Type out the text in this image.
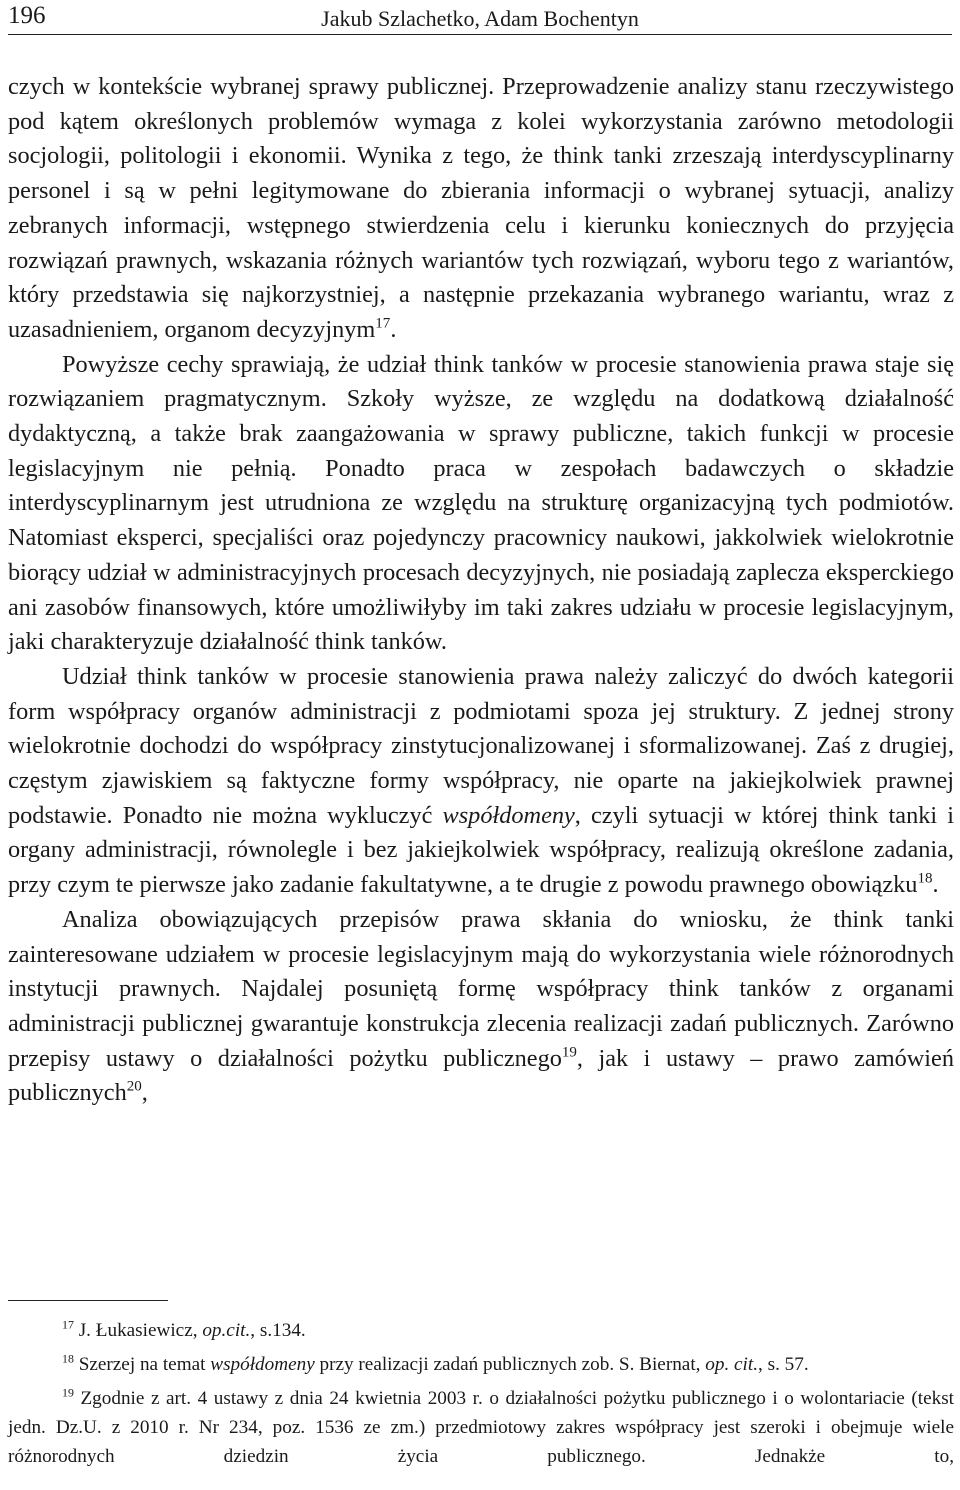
196	Jakub Szlachetko, Adam Bochentyn

czych w kontekście wybranej sprawy publicznej. Przeprowadzenie analizy stanu rzeczywistego pod kątem określonych problemów wymaga z kolei wykorzystania zarówno metodologii socjologii, politologii i ekonomii. Wynika z tego, że think tanki zrzeszają interdyscyplinarny personel i są w pełni legitymowane do zbierania informacji o wybranej sytuacji, analizy zebranych informacji, wstępnego stwierdzenia celu i kierunku koniecznych do przyjęcia rozwiązań prawnych, wskazania różnych wariantów tych rozwiązań, wyboru tego z wariantów, który przedstawia się najkorzystniej, a następnie przekazania wybranego wariantu, wraz z uzasadnieniem, organom decyzyjnym$^{17}$.

Powyższe cechy sprawiają, że udział think tanków w procesie stanowienia prawa staje się rozwiązaniem pragmatycznym. Szkoły wyższe, ze względu na dodatkową działalność dydaktyczną, a także brak zaangażowania w sprawy publiczne, takich funkcji w procesie legislacyjnym nie pełnią. Ponadto praca w zespołach badawczych o składzie interdyscyplinarnym jest utrudniona ze względu na strukturę organizacyjną tych podmiotów. Natomiast eksperci, specjaliści oraz pojedynczy pracownicy naukowi, jakkolwiek wielokrotnie biorący udział w administracyjnych procesach decyzyjnych, nie posiadają zaplecza eksperckiego ani zasobów finansowych, które umożliwiłyby im taki zakres udziału w procesie legislacyjnym, jaki charakteryzuje działalność think tanków.

Udział think tanków w procesie stanowienia prawa należy zaliczyć do dwóch kategorii form współpracy organów administracji z podmiotami spoza jej struktury. Z jednej strony wielokrotnie dochodzi do współpracy zinstytucjonalizowanej i sformalizowanej. Zaś z drugiej, częstym zjawiskiem są faktyczne formy współpracy, nie oparte na jakiejkolwiek prawnej podstawie. Ponadto nie można wykluczyć współdomeny, czyli sytuacji w której think tanki i organy administracji, równolegle i bez jakiejkolwiek współpracy, realizują określone zadania, przy czym te pierwsze jako zadanie fakultatywne, a te drugie z powodu prawnego obowiązku$^{18}$.

Analiza obowiązujących przepisów prawa skłania do wniosku, że think tanki zainteresowane udziałem w procesie legislacyjnym mają do wykorzystania wiele różnorodnych instytucji prawnych. Najdalej posuniętą formę współpracy think tanków z organami administracji publicznej gwarantuje konstrukcja zlecenia realizacji zadań publicznych. Zarówno przepisy ustawy o działalności pożytku publicznego$^{19}$, jak i ustawy – prawo zamówień publicznych$^{20}$,

$^{17}$ J. Łukasiewicz, op.cit., s.134.

$^{18}$ Szerzej na temat współdomeny przy realizacji zadań publicznych zob. S. Biernat, op. cit., s. 57.

$^{19}$ Zgodnie z art. 4 ustawy z dnia 24 kwietnia 2003 r. o działalności pożytku publicznego i o wolontariacie (tekst jedn. Dz.U. z 2010 r. Nr 234, poz. 1536 ze zm.) przedmiotowy zakres współpracy jest szeroki i obejmuje wiele różnorodnych dziedzin życia publicznego. Jednakże to,
